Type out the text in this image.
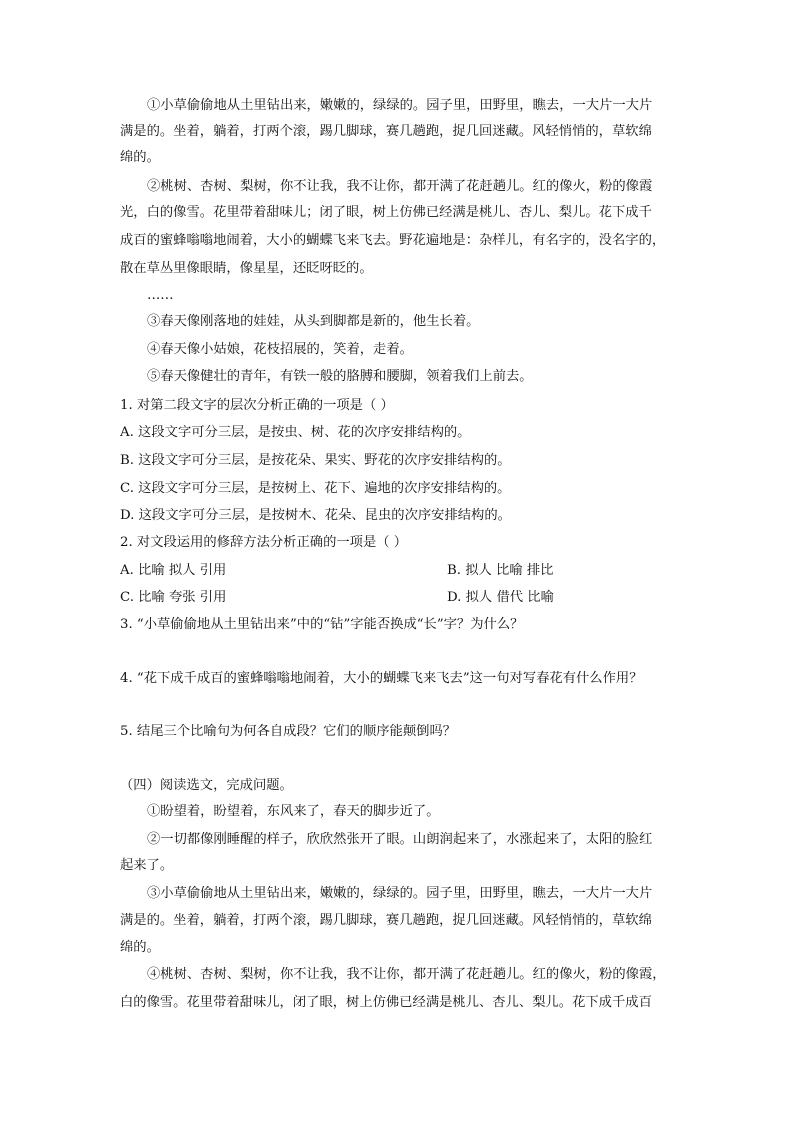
①小草偷偷地从土里钻出来，嫩嫩的，绿绿的。园子里，田野里，瞧去，一大片一大片
满是的。坐着，躺着，打两个滚，踢几脚球，赛几趟跑，捉几回迷藏。风轻悄悄的，草软绵
绵的。
②桃树、杏树、梨树，你不让我，我不让你，都开满了花赶趟儿。红的像火，粉的像霞
光，白的像雪。花里带着甜味儿；闭了眼，树上仿佛已经满是桃儿、杏儿、梨儿。花下成千
成百的蜜蜂嗡嗡地闹着，大小的蝴蝶飞来飞去。野花遍地是：杂样儿，有名字的，没名字的，
散在草丛里像眼睛，像星星，还眨呀眨的。
……
③春天像刚落地的娃娃，从头到脚都是新的，他生长着。
④春天像小姑娘，花枝招展的，笑着，走着。
⑤春天像健壮的青年，有铁一般的胳膊和腰脚，领着我们上前去。
1. 对第二段文字的层次分析正确的一项是（ ）
A. 这段文字可分三层，是按虫、树、花的次序安排结构的。
B. 这段文字可分三层，是按花朵、果实、野花的次序安排结构的。
C. 这段文字可分三层，是按树上、花下、遍地的次序安排结构的。
D. 这段文字可分三层，是按树木、花朵、昆虫的次序安排结构的。
2. 对文段运用的修辞方法分析正确的一项是（ ）
A. 比喻 拟人 引用	B. 拟人 比喻 排比
C. 比喻 夸张 引用	D. 拟人 借代 比喻
3. “小草偷偷地从土里钻出来”中的“钻”字能否换成“长”字？为什么？
4. “花下成千成百的蜜蜂嗡嗡地闹着，大小的蝴蝶飞来飞去”这一句对写春花有什么作用？
5. 结尾三个比喻句为何各自成段？它们的顺序能颠倒吗？
（四）阅读选文，完成问题。
①盼望着，盼望着，东风来了，春天的脚步近了。
②一切都像刚睡醒的样子，欣欣然张开了眼。山朗润起来了，水涨起来了，太阳的脸红
起来了。
③小草偷偷地从土里钻出来，嫩嫩的，绿绿的。园子里，田野里，瞧去，一大片一大片
满是的。坐着，躺着，打两个滚，踢几脚球，赛几趟跑，捉几回迷藏。风轻悄悄的，草软绵
绵的。
④桃树、杏树、梨树，你不让我，我不让你，都开满了花赶趟儿。红的像火，粉的像霞，
白的像雪。花里带着甜味儿，闭了眼，树上仿佛已经满是桃儿、杏儿、梨儿。花下成千成百
